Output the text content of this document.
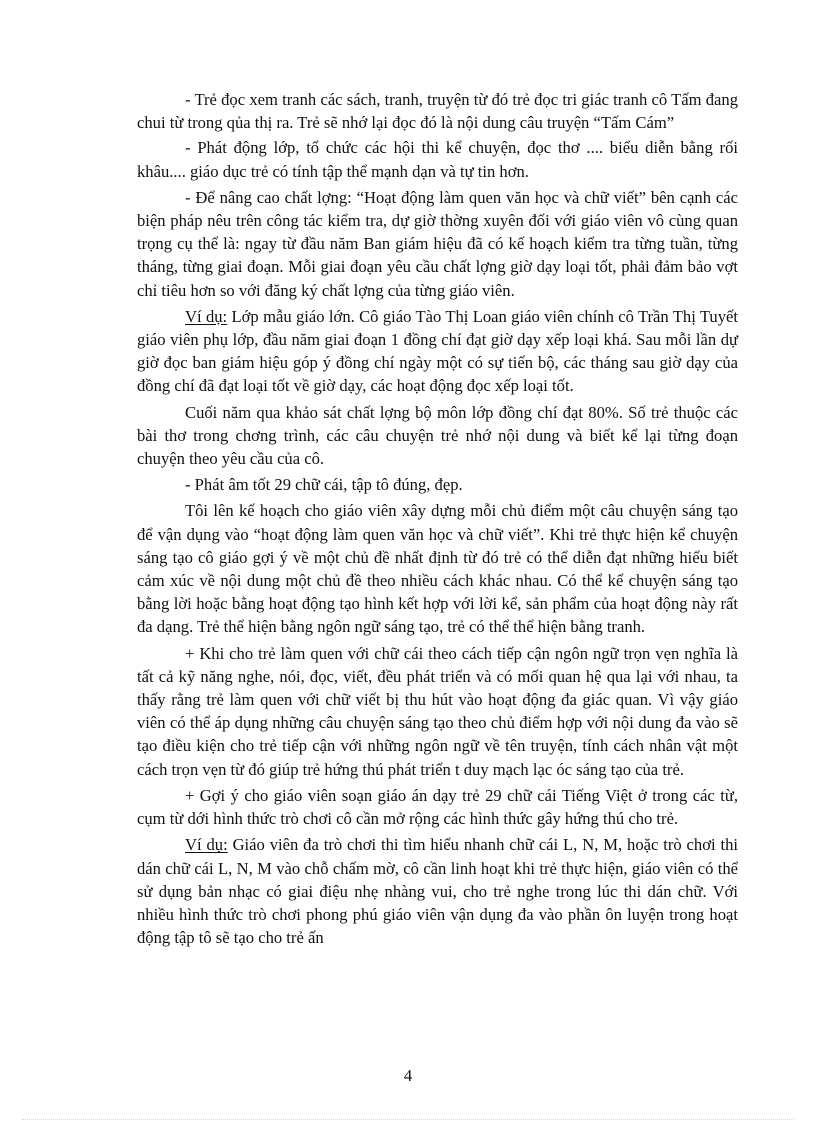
- Trẻ đọc xem tranh các sách, tranh, truyện từ đó trẻ đọc tri giác tranh cô Tấm đang chui từ trong qủa thị ra. Trẻ sẽ nhớ lại đọc đó là nội dung câu truyện “Tấm Cám”

- Phát động lớp, tổ chức các hội thi kể chuyện, đọc thơ .... biểu diễn bằng rối khâu.... giáo dục trẻ có tính tập thể mạnh dạn và tự tin hơn.

- Để nâng cao chất lợng: “Hoạt động làm quen văn học và chữ viết” bên cạnh các biện pháp nêu trên công tác kiểm tra, dự giờ thờng xuyên đối với giáo viên vô cùng quan trọng cụ thể là: ngay từ đầu năm Ban giám hiệu đã có kế hoạch kiểm tra từng tuần, từng tháng, từng giai đoạn. Mỗi giai đoạn yêu cầu chất lợng giờ dạy loại tốt, phải đảm bảo vợt chỉ tiêu hơn so với đăng ký chất lợng của từng giáo viên.

Ví dụ: Lớp mẫu giáo lớn. Cô giáo Tào Thị Loan giáo viên chính cô Trần Thị Tuyết giáo viên phụ lớp, đầu năm giai đoạn 1 đồng chí đạt giờ dạy xếp loại khá. Sau mỗi lần dự giờ đọc ban giám hiệu góp ý đồng chí ngày một có sự tiến bộ, các tháng sau giờ dạy của đồng chí đã đạt loại tốt về giờ dạy, các hoạt động đọc xếp loại tốt.

Cuối năm qua khảo sát chất lợng bộ môn lớp đồng chí đạt 80%. Số trẻ thuộc các bài thơ trong chơng trình, các câu chuyện trẻ nhớ nội dung và biết kể lại từng đoạn chuyện theo yêu cầu của cô.

- Phát âm tốt 29 chữ cái, tập tô đúng, đẹp.

Tôi lên kế hoạch cho giáo viên xây dựng mỗi chủ điểm một câu chuyện sáng tạo để vận dụng vào “hoạt động làm quen văn học và chữ viết”. Khi trẻ thực hiện kể chuyện sáng tạo cô giáo gợi ý về một chủ đề nhất định từ đó trẻ có thể diễn đạt những hiểu biết cảm xúc về nội dung một chủ đề theo nhiều cách khác nhau. Có thể kể chuyện sáng tạo bằng lời hoặc bằng hoạt động tạo hình kết hợp với lời kể, sản phẩm của hoạt động này rất đa dạng. Trẻ thể hiện bằng ngôn ngữ sáng tạo, trẻ có thể thể hiện bằng tranh.

+ Khi cho trẻ làm quen với chữ cái theo cách tiếp cận ngôn ngữ trọn vẹn nghĩa là tất cả kỹ năng nghe, nói, đọc, viết, đều phát triển và có mối quan hệ qua lại với nhau, ta thấy rằng trẻ làm quen với chữ viết bị thu hút vào hoạt động đa giác quan. Vì vậy giáo viên có thể áp dụng những câu chuyện sáng tạo theo chủ điểm hợp với nội dung đa vào sẽ tạo điều kiện cho trẻ tiếp cận với những ngôn ngữ về tên truyện, tính cách nhân vật một cách trọn vẹn từ đó giúp trẻ hứng thú phát triển t duy mạch lạc óc sáng tạo của trẻ.

+ Gợi ý cho giáo viên soạn giáo án dạy trẻ 29 chữ cái Tiếng Việt ở trong các từ, cụm từ dới hình thức trò chơi cô cần mở rộng các hình thức gây hứng thú cho trẻ.

Ví dụ: Giáo viên đa trò chơi thi tìm hiểu nhanh chữ cái L, N, M, hoặc trò chơi thi dán chữ cái L, N, M vào chỗ chấm mờ, cô cần linh hoạt khi trẻ thực hiện, giáo viên có thể sử dụng bản nhạc có giai điệu nhẹ nhàng vui, cho trẻ nghe trong lúc thi dán chữ. Với nhiều hình thức trò chơi phong phú giáo viên vận dụng đa vào phần ôn luyện trong hoạt động tập tô sẽ tạo cho trẻ ấn

4
